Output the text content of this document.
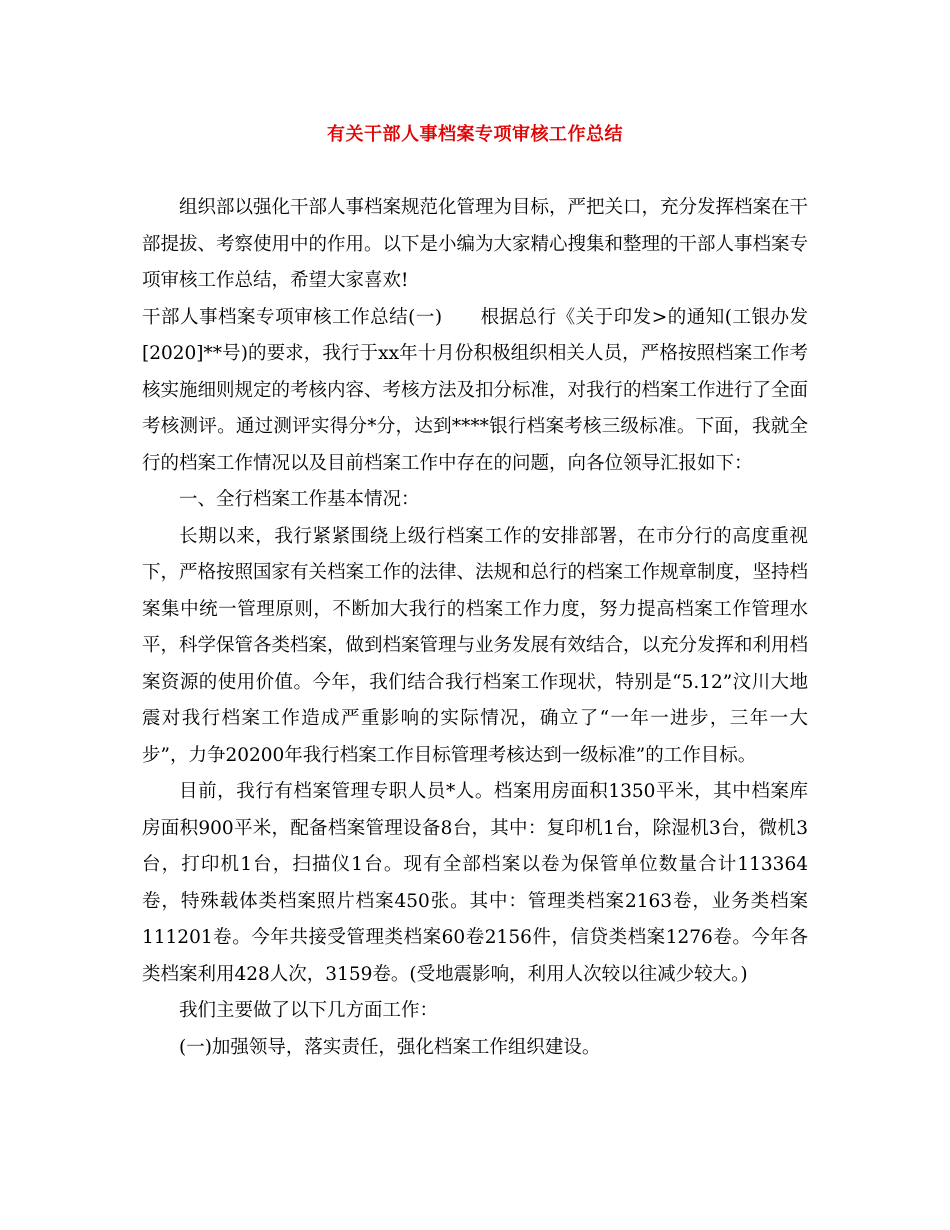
有关干部人事档案专项审核工作总结

组织部以强化干部人事档案规范化管理为目标，严把关口，充分发挥档案在干部提拔、考察使用中的作用。以下是小编为大家精心搜集和整理的干部人事档案专项审核工作总结，希望大家喜欢!

干部人事档案专项审核工作总结(一)　　根据总行《关于印发>的通知(工银办发[2020]**号)的要求，我行于xx年十月份积极组织相关人员，严格按照档案工作考核实施细则规定的考核内容、考核方法及扣分标准，对我行的档案工作进行了全面考核测评。通过测评实得分*分，达到****银行档案考核三级标准。下面，我就全行的档案工作情况以及目前档案工作中存在的问题，向各位领导汇报如下：

一、全行档案工作基本情况：

长期以来，我行紧紧围绕上级行档案工作的安排部署，在市分行的高度重视下，严格按照国家有关档案工作的法律、法规和总行的档案工作规章制度，坚持档案集中统一管理原则，不断加大我行的档案工作力度，努力提高档案工作管理水平，科学保管各类档案，做到档案管理与业务发展有效结合，以充分发挥和利用档案资源的使用价值。今年，我们结合我行档案工作现状，特别是“5.12”汶川大地震对我行档案工作造成严重影响的实际情况，确立了“一年一进步，三年一大步”，力争20200年我行档案工作目标管理考核达到一级标准”的工作目标。

目前，我行有档案管理专职人员*人。档案用房面积1350平米，其中档案库房面积900平米，配备档案管理设备8台，其中：复印机1台，除湿机3台，微机3台，打印机1台，扫描仪1台。现有全部档案以卷为保管单位数量合计113364卷，特殊载体类档案照片档案450张。其中：管理类档案2163卷，业务类档案111201卷。今年共接受管理类档案60卷2156件，信贷类档案1276卷。今年各类档案利用428人次，3159卷。(受地震影响，利用人次较以往减少较大。)

我们主要做了以下几方面工作：

(一)加强领导，落实责任，强化档案工作组织建设。
